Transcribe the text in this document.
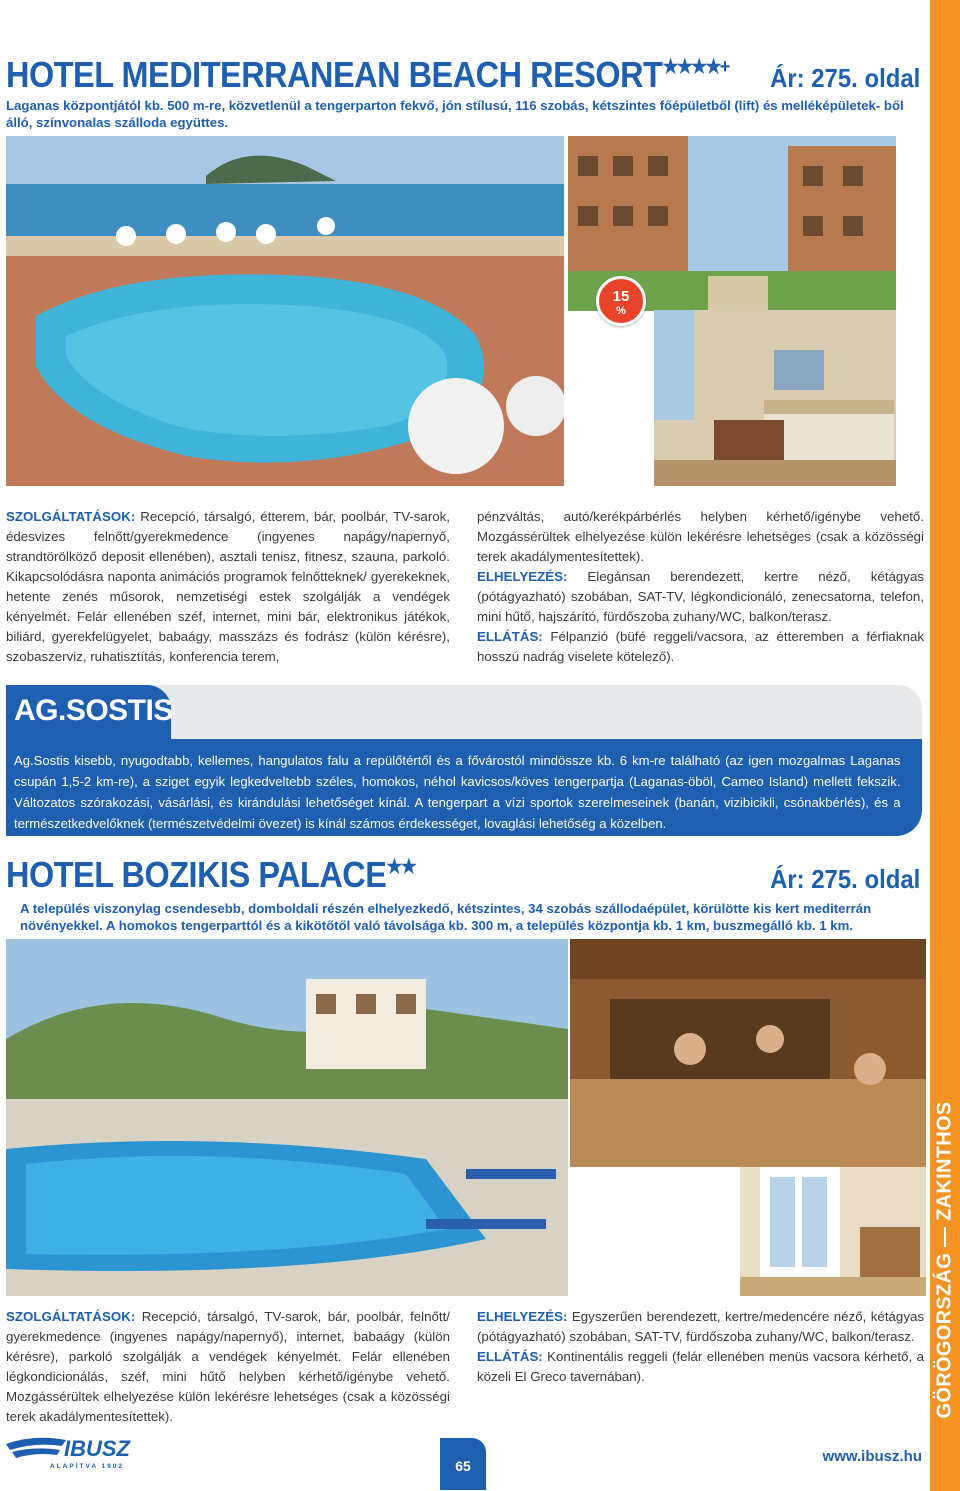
GÖRÖGORSZÁG — ZAKINTHOS
HOTEL MEDITERRANEAN BEACH RESORT★★★★+ Ár: 275. oldal
Laganas központjától kb. 500 m-re, közvetlenül a tengerparton fekvő, jón stílusú, 116 szobás, kétszintes főépületből (lift) és melléképületek- ből álló, színvonalas szálloda együttes.
15
%
SZOLGÁLTATÁSOK: Recepció, társalgó, étterem, bár, poolbár, TV-sarok, édesvizes felnőtt/gyerekmedence (ingyenes napágy/napernyő, strandtörölköző deposit ellenében), asztali tenisz, fitnesz, szauna, parkoló. Kikapcsolódásra naponta animációs programok felnőtteknek/ gyerekeknek, hetente zenés műsorok, nemzetiségi estek szolgálják a vendégek kényelmét. Felár ellenében széf, internet, mini bár, elektronikus játékok, biliárd, gyerekfelügyelet, babaágy, masszázs és fodrász (külön kérésre), szobaszerviz, ruhatisztítás, konferencia terem,
pénzváltás, autó/kerékpárbérlés helyben kérhető/igénybe vehető. Mozgássérültek elhelyezése külön lekérésre lehetséges (csak a közösségi terek akadálymentesítettek).
ELHELYEZÉS: Elegánsan berendezett, kertre néző, kétágyas (pótágyazható) szobában, SAT-TV, légkondicionáló, zenecsatorna, telefon, mini hűtő, hajszárító, fürdőszoba zuhany/WC, balkon/terasz.
ELLÁTÁS: Félpanzió (büfé reggeli/vacsora, az étteremben a férfiaknak hosszú nadrág viselete kötelező).
AG.SOSTIS
Ag.Sostis kisebb, nyugodtabb, kellemes, hangulatos falu a repülőtértől és a fővárostól mindössze kb. 6 km-re található (az igen mozgalmas Laganas csupán 1,5-2 km-re), a sziget egyik legkedveltebb széles, homokos, néhol kavicsos/köves tengerpartja (Laganas-öböl, Cameo Island) mellett fekszik. Változatos szórakozási, vásárlási, és kirándulási lehetőséget kínál. A tengerpart a vízi sportok szerelmeseinek (banán, vizibicikli, csónakbérlés), és a természetkedvelőknek (természetvédelmi övezet) is kínál számos érdekességet, lovaglási lehetőség a közelben.
HOTEL BOZIKIS PALACE★★	Ár: 275. oldal
A település viszonylag csendesebb, domboldali részén elhelyezkedő, kétszintes, 34 szobás szállodaépület, körülötte kis kert mediterrán növényekkel. A homokos tengerparttól és a kikötőtől való távolsága kb. 300 m, a település központja kb. 1 km, buszmegálló kb. 1 km.
SZOLGÁLTATÁSOK: Recepció, társalgó, TV-sarok, bár, poolbár, felnőtt/ gyerekmedence (ingyenes napágy/napernyő), internet, babaágy (külön kérésre), parkoló szolgálják a vendégek kényelmét. Felár ellenében légkondicionálás, széf, mini hűtő helyben kérhető/igénybe vehető. Mozgássérültek elhelyezése külön lekérésre lehetséges (csak a közösségi terek akadálymentesítettek).
ELHELYEZÉS: Egyszerűen berendezett, kertre/medencére néző, kétágyas (pótágyazható) szobában, SAT-TV, fürdőszoba zuhany/WC, balkon/terasz.
ELLÁTÁS: Kontinentális reggeli (felár ellenében menüs vacsora kérhető, a közeli El Greco tavernában).
IBUSZ
ALAPÍTVA 1902	65
www.ibusz.hu
